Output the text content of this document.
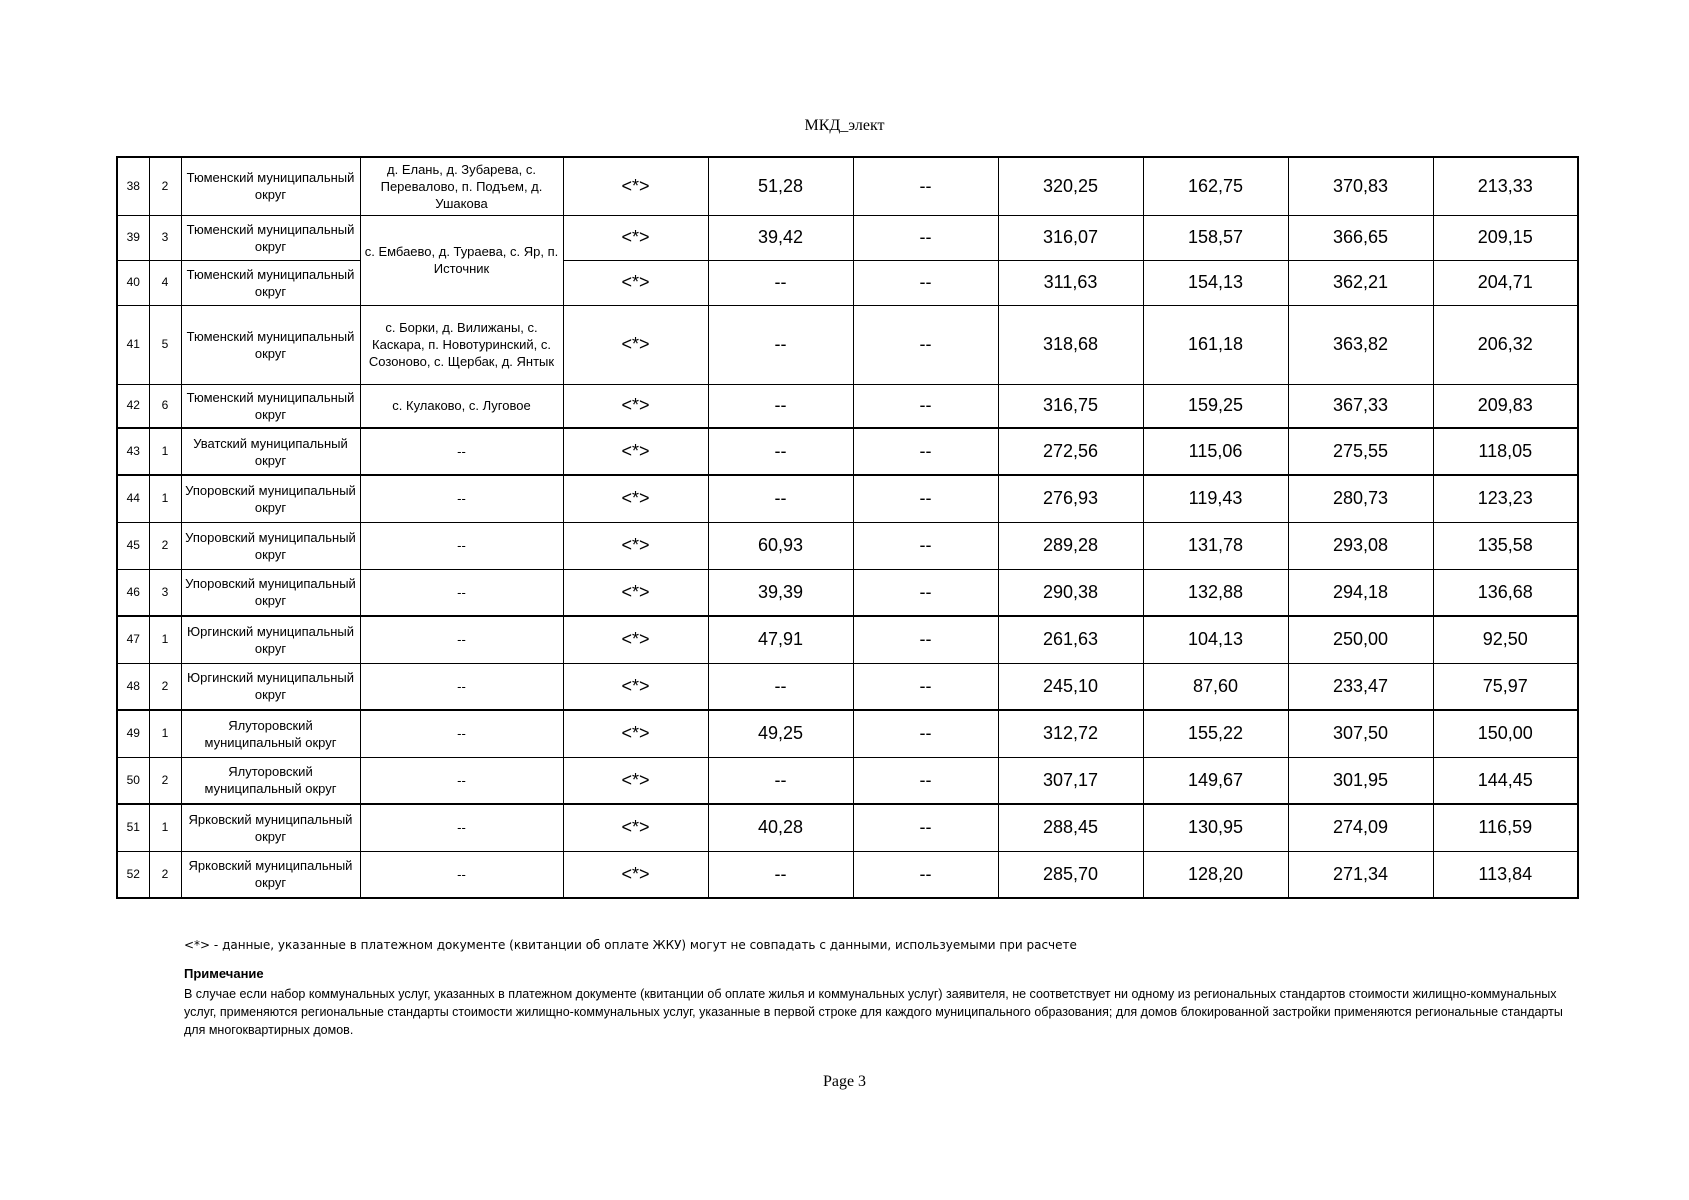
МКД_элект
38	2	Тюменский муниципальный округ	д. Елань, д. Зубарева, с. Перевалово, п. Подъем, д. Ушакова	<*>	51,28	--	320,25	162,75	370,83	213,33
39	3	Тюменский муниципальный округ	с. Ембаево, д. Тураева, с. Яр, п. Источник	<*>	39,42	--	316,07	158,57	366,65	209,15
40	4	Тюменский муниципальный округ		<*>	--	--	311,63	154,13	362,21	204,71
41	5	Тюменский муниципальный округ	с. Борки, д. Вилижаны, с. Каскара, п. Новотуринский, с. Созоново, с. Щербак, д. Янтык	<*>	--	--	318,68	161,18	363,82	206,32
42	6	Тюменский муниципальный округ	с. Кулаково, с. Луговое	<*>	--	--	316,75	159,25	367,33	209,83
43	1	Уватский муниципальный округ	--	<*>	--	--	272,56	115,06	275,55	118,05
44	1	Упоровский муниципальный округ	--	<*>	--	--	276,93	119,43	280,73	123,23
45	2	Упоровский муниципальный округ	--	<*>	60,93	--	289,28	131,78	293,08	135,58
46	3	Упоровский муниципальный округ	--	<*>	39,39	--	290,38	132,88	294,18	136,68
47	1	Юргинский муниципальный округ	--	<*>	47,91	--	261,63	104,13	250,00	92,50
48	2	Юргинский муниципальный округ	--	<*>	--	--	245,10	87,60	233,47	75,97
49	1	Ялуторовский муниципальный округ	--	<*>	49,25	--	312,72	155,22	307,50	150,00
50	2	Ялуторовский муниципальный округ	--	<*>	--	--	307,17	149,67	301,95	144,45
51	1	Ярковский муниципальный округ	--	<*>	40,28	--	288,45	130,95	274,09	116,59
52	2	Ярковский муниципальный округ	--	<*>	--	--	285,70	128,20	271,34	113,84
<*> - данные, указанные в платежном документе (квитанции об оплате ЖКУ) могут не совпадать с данными, используемыми при расчете
Примечание
В случае если набор коммунальных услуг, указанных в платежном документе (квитанции об оплате жилья и коммунальных услуг) заявителя, не соответствует ни одному из региональных стандартов стоимости жилищно-коммунальных услуг, применяются региональные стандарты стоимости жилищно-коммунальных услуг, указанные в первой строке для каждого муниципального образования; для домов блокированной застройки применяются региональные стандарты для многоквартирных домов.
Page 3
